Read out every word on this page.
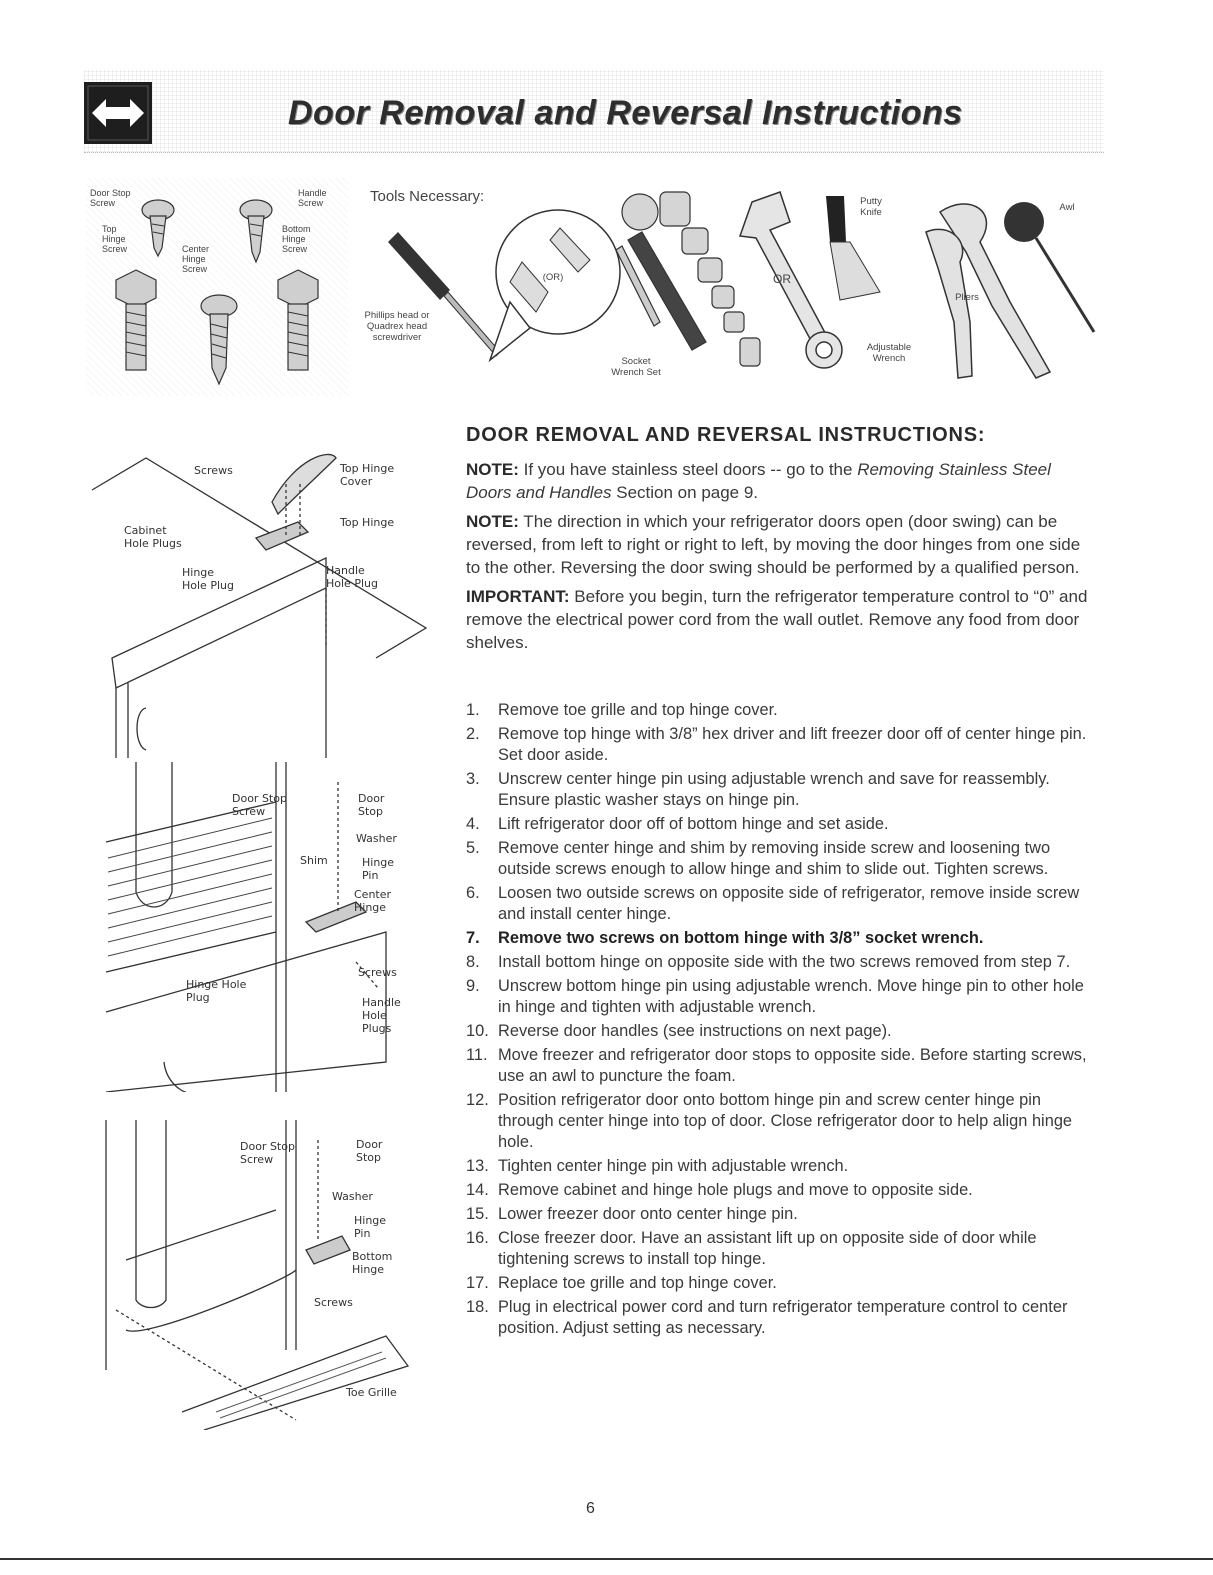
Door Removal and Reversal Instructions
Door Stop Screw
Top Hinge Screw	Center Hinge Screw
Handle Screw
Bottom Hinge Screw
Tools Necessary:
Phillips head or Quadrex head screwdriver
(OR)
Socket Wrench Set
OR
Adjustable Wrench
Putty Knife
Pliers
Awl
Screws	Top Hinge Cover
Top Hinge
Cabinet Hole Plugs
Hinge Hole Plug
Handle Hole Plug
Door Stop Screw
Door Stop
Washer
Shim	Hinge Pin
Center Hinge
Screws
Hinge Hole Plug	Handle Hole Plugs
Door Stop Screw
Door Stop
Washer
Hinge Pin
Bottom Hinge
Screws
Toe Grille
DOOR REMOVAL AND REVERSAL INSTRUCTIONS:

NOTE: If you have stainless steel doors -- go to the Removing Stainless Steel Doors and Handles Section on page 9.

NOTE: The direction in which your refrigerator doors open (door swing) can be reversed, from left to right or right to left, by moving the door hinges from one side to the other. Reversing the door swing should be performed by a qualified person.

IMPORTANT: Before you begin, turn the refrigerator temperature control to “0” and remove the electrical power cord from the wall outlet. Remove any food from door shelves.

1. Remove toe grille and top hinge cover.
2. Remove top hinge with 3/8” hex driver and lift freezer door off of center hinge pin. Set door aside.
3. Unscrew center hinge pin using adjustable wrench and save for reassembly. Ensure plastic washer stays on hinge pin.
4. Lift refrigerator door off of bottom hinge and set aside.
5. Remove center hinge and shim by removing inside screw and loosening two outside screws enough to allow hinge and shim to slide out. Tighten screws.
6. Loosen two outside screws on opposite side of refrigerator, remove inside screw and install center hinge.
7. Remove two screws on bottom hinge with 3/8” socket wrench.
8. Install bottom hinge on opposite side with the two screws removed from step 7.
9. Unscrew bottom hinge pin using adjustable wrench. Move hinge pin to other hole in hinge and tighten with adjustable wrench.
10. Reverse door handles (see instructions on next page).
11. Move freezer and refrigerator door stops to opposite side. Before starting screws, use an awl to puncture the foam.
12. Position refrigerator door onto bottom hinge pin and screw center hinge pin through center hinge into top of door. Close refrigerator door to help align hinge hole.
13. Tighten center hinge pin with adjustable wrench.
14. Remove cabinet and hinge hole plugs and move to opposite side.
15. Lower freezer door onto center hinge pin.
16. Close freezer door. Have an assistant lift up on opposite side of door while tightening screws to install top hinge.
17. Replace toe grille and top hinge cover.
18. Plug in electrical power cord and turn refrigerator temperature control to center position. Adjust setting as necessary.
6
